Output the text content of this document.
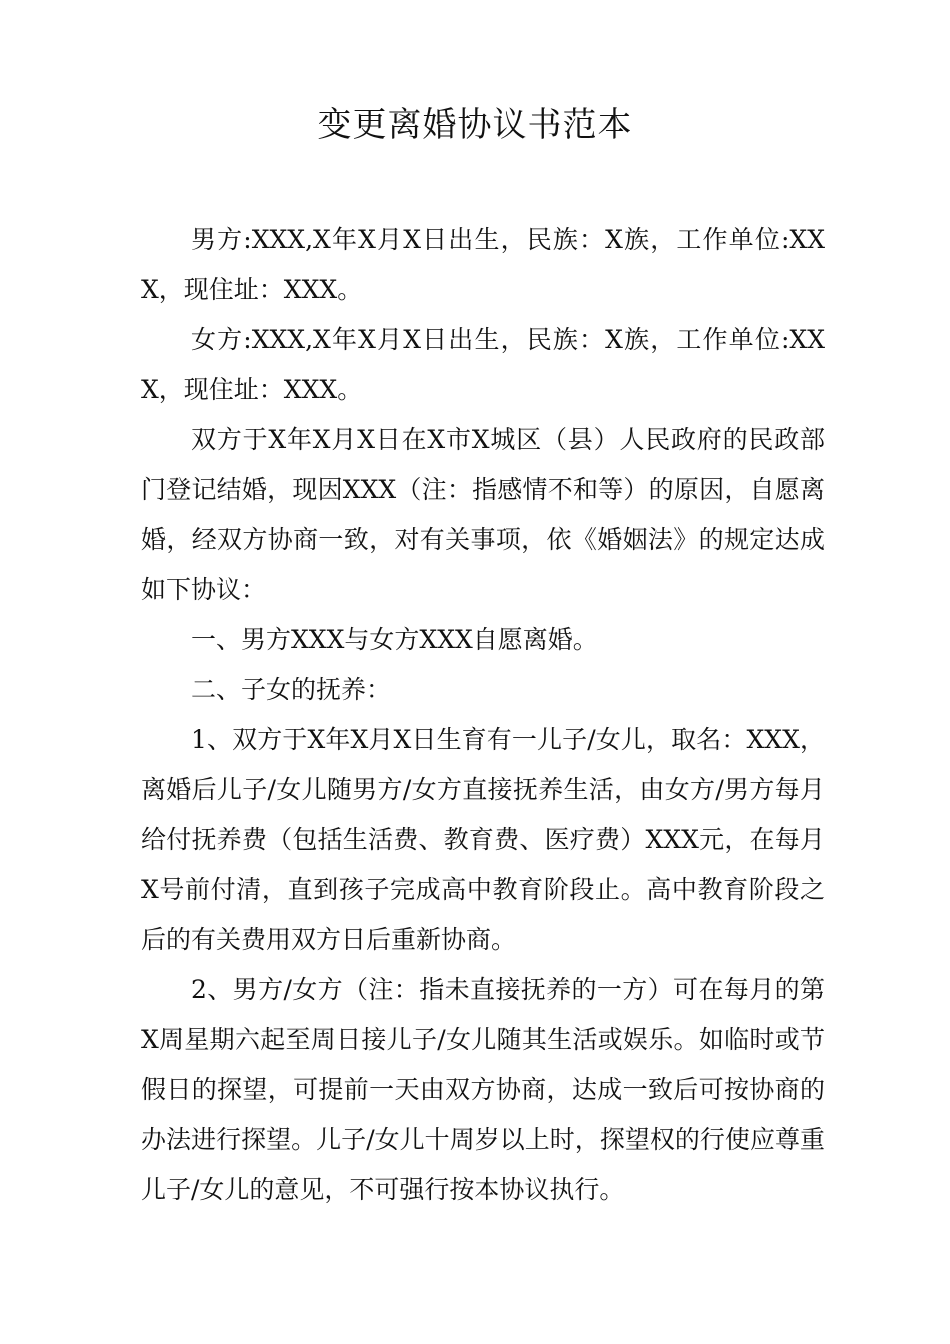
变更离婚协议书范本

男方:XXX,X年X月X日出生，民族：X族，工作单位:XXX，现住址：XXX。

女方:XXX,X年X月X日出生，民族：X族，工作单位:XXX，现住址：XXX。

双方于X年X月X日在X市X城区（县）人民政府的民政部门登记结婚，现因XXX（注：指感情不和等）的原因，自愿离婚，经双方协商一致，对有关事项，依《婚姻法》的规定达成如下协议：

一、男方XXX与女方XXX自愿离婚。

二、子女的抚养：

1、双方于X年X月X日生育有一儿子/女儿，取名：XXX，离婚后儿子/女儿随男方/女方直接抚养生活，由女方/男方每月给付抚养费（包括生活费、教育费、医疗费）XXX元，在每月X号前付清，直到孩子完成高中教育阶段止。高中教育阶段之后的有关费用双方日后重新协商。

2、男方/女方（注：指未直接抚养的一方）可在每月的第X周星期六起至周日接儿子/女儿随其生活或娱乐。如临时或节假日的探望，可提前一天由双方协商，达成一致后可按协商的办法进行探望。儿子/女儿十周岁以上时，探望权的行使应尊重儿子/女儿的意见，不可强行按本协议执行。
